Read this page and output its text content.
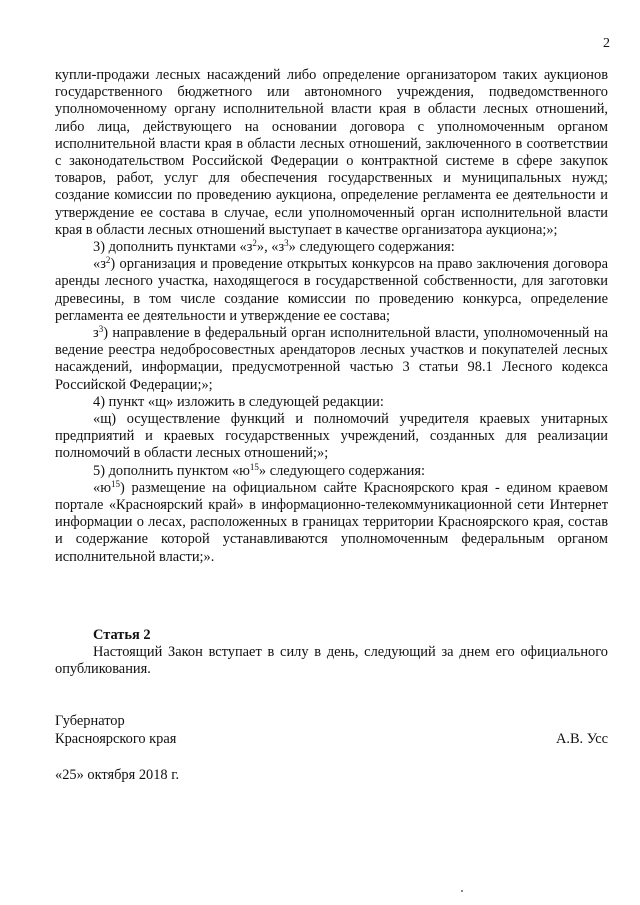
2

купли-продажи лесных насаждений либо определение организатором таких аукционов государственного бюджетного или автономного учреждения, подведомственного уполномоченному органу исполнительной власти края в области лесных отношений, либо лица, действующего на основании договора с уполномоченным органом исполнительной власти края в области лесных отношений, заключенного в соответствии с законодательством Российской Федерации о контрактной системе в сфере закупок товаров, работ, услуг для обеспечения государственных и муниципальных нужд; создание комиссии по проведению аукциона, определение регламента ее деятельности и утверждение ее состава в случае, если уполномоченный орган исполнительной власти края в области лесных отношений выступает в качестве организатора аукциона;»;

3) дополнить пунктами «$з^2$», «$з^3$» следующего содержания:

«$з^2$) организация и проведение открытых конкурсов на право заключения договора аренды лесного участка, находящегося в государственной собственности, для заготовки древесины, в том числе создание комиссии по проведению конкурса, определение регламента ее деятельности и утверждение ее состава;

$з^3$) направление в федеральный орган исполнительной власти, уполномоченный на ведение реестра недобросовестных арендаторов лесных участков и покупателей лесных насаждений, информации, предусмотренной частью 3 статьи 98.1 Лесного кодекса Российской Федерации;»;

4) пункт «щ» изложить в следующей редакции:

«щ) осуществление функций и полномочий учредителя краевых унитарных предприятий и краевых государственных учреждений, созданных для реализации полномочий в области лесных отношений;»;

5) дополнить пунктом «$ю^{15}$» следующего содержания:

«$ю^{15}$) размещение на официальном сайте Красноярского края - едином краевом портале «Красноярский край» в информационно-телекоммуникационной сети Интернет информации о лесах, расположенных в границах территории Красноярского края, состав и содержание которой устанавливаются уполномоченным федеральным органом исполнительной власти;».

Статья 2

Настоящий Закон вступает в силу в день, следующий за днем его официального опубликования.

Губернатор
Красноярского края	А.В. Усс
«25» октября 2018 г.
